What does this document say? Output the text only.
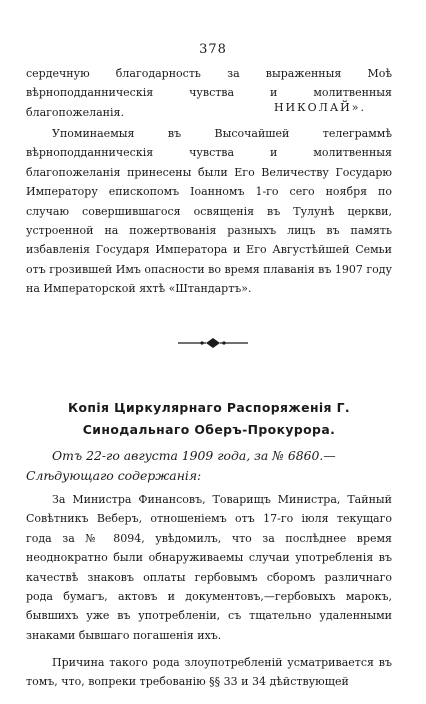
378

сердечную благодарность за выраженныя Моѣ вѣрноподданническія чувства и молитвенныя благопожеланія.	НИКОЛАЙ».

Упоминаемыя въ Высочайшей телеграммѣ вѣрноподданническія чувства и молитвенныя благопожеланія принесены были Его Величеству Государю Императору епископомъ Іоанномъ 1-го сего ноября по случаю совершившагося освященія въ Тулунѣ церкви, устроенной на пожертвованія разныхъ лицъ въ память избавленія Государя Императора и Его Августѣйшей Семьи отъ грозившей Имъ опасности во время плаванія въ 1907 году на Императорской яхтѣ «Штандартъ».

Копія Циркулярнаго Распоряженія Г. Синодальнаго Оберъ-Прокурора.

Отъ 22-го августа 1909 года, за № 6860.—Слѣдующаго содержанія:

За Министра Финансовъ, Товарищъ Министра, Тайный Совѣтникъ Веберъ, отношеніемъ отъ 17-го іюля текущаго года за № 8094, увѣдомилъ, что за послѣднее время неоднократно были обнаруживаемы случаи употребленія въ качествѣ знаковъ оплаты гербовымъ сборомъ различнаго рода бумагъ, актовъ и документовъ,—гербовыхъ марокъ, бывшихъ уже въ употребленіи, съ тщательно удаленными знаками бывшаго погашенія ихъ.

Причина такого рода злоупотребленій усматривается въ томъ, что, вопреки требованію §§ 33 и 34 дѣйствующей
